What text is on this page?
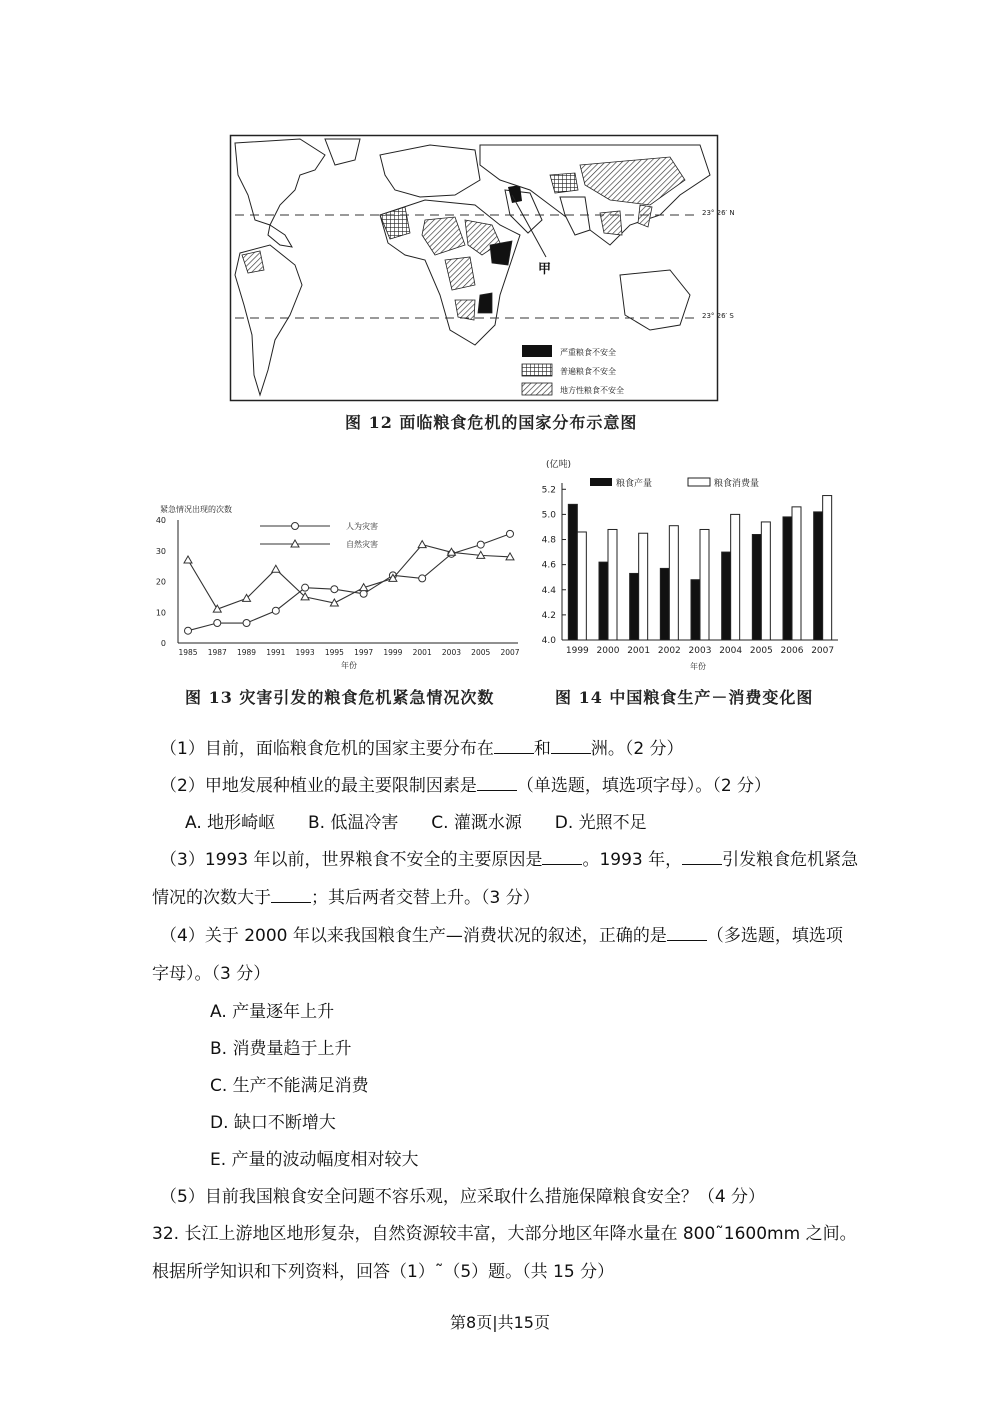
23° 26′ N
23° 26′ S
甲
严重粮食不安全
普遍粮食不安全
地方性粮食不安全
图 12 面临粮食危机的国家分布示意图
紧急情况出现的次数
年份
0
10
20
30
40
1985 1987 1989 1991 1993 1995 1997 1999 2001 2003 2005 2007
人为灾害
自然灾害
图 13 灾害引发的粮食危机紧急情况次数
(亿吨)
年份
4.0
4.2
4.4
4.6
4.8
5.0
5.2
粮食产量	粮食消费量
1999 2000 2001 2002 2003 2004 2005 2006 2007
图 14 中国粮食生产－消费变化图
（1）目前，面临粮食危机的国家主要分布在 和 洲。（2 分）
（2）甲地发展种植业的最主要限制因素是 （单选题，填选项字母）。（2 分）
A. 地形崎岖 B. 低温冷害 C. 灌溉水源 D. 光照不足
（3）1993 年以前，世界粮食不安全的主要原因是 。1993 年， 引发粮食危机紧急
情况的次数大于 ；其后两者交替上升。（3 分）
（4）关于 2000 年以来我国粮食生产—消费状况的叙述，正确的是 （多选题，填选项
字母）。（3 分）
A. 产量逐年上升
B. 消费量趋于上升
C. 生产不能满足消费
D. 缺口不断增大
E. 产量的波动幅度相对较大
（5）目前我国粮食安全问题不容乐观，应采取什么措施保障粮食安全？（4 分）
32. 长江上游地区地形复杂，自然资源较丰富，大部分地区年降水量在 800˜1600mm 之间。
根据所学知识和下列资料，回答（1）˜（5）题。（共 15 分）
第8页|共15页
